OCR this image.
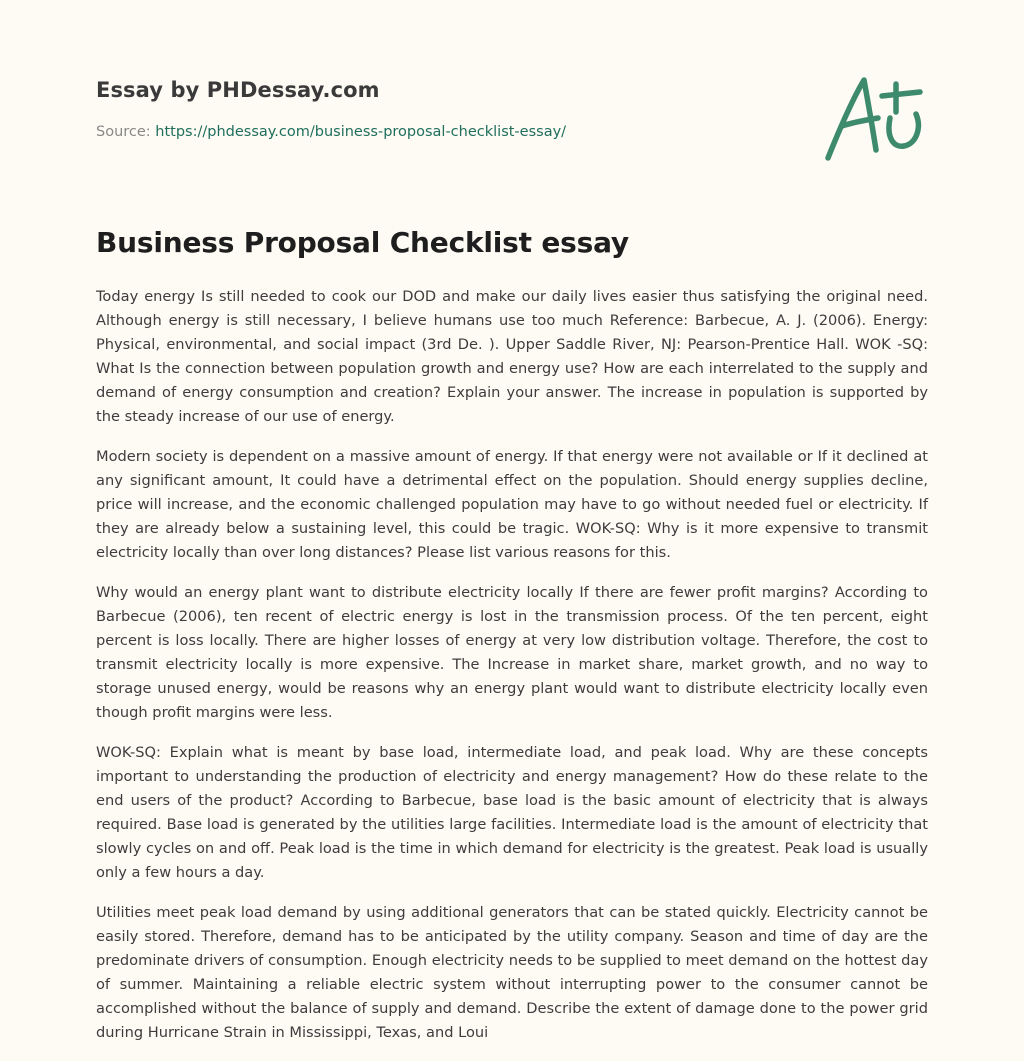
Essay by PHDessay.com

Source: https://phdessay.com/business-proposal-checklist-essay/

Business Proposal Checklist essay

Today energy Is still needed to cook our DOD and make our daily lives easier thus satisfying the original need. Although energy is still necessary, I believe humans use too much Reference: Barbecue, A. J. (2006). Energy: Physical, environmental, and social impact (3rd De. ). Upper Saddle River, NJ: Pearson-Prentice Hall. WOK -SQ: What Is the connection between population growth and energy use? How are each interrelated to the supply and demand of energy consumption and creation? Explain your answer. The increase in population is supported by the steady increase of our use of energy.

Modern society is dependent on a massive amount of energy. If that energy were not available or If it declined at any significant amount, It could have a detrimental effect on the population. Should energy supplies decline, price will increase, and the economic challenged population may have to go without needed fuel or electricity. If they are already below a sustaining level, this could be tragic. WOK-SQ: Why is it more expensive to transmit electricity locally than over long distances? Please list various reasons for this.

Why would an energy plant want to distribute electricity locally If there are fewer profit margins? According to Barbecue (2006), ten recent of electric energy is lost in the transmission process. Of the ten percent, eight percent is loss locally. There are higher losses of energy at very low distribution voltage. Therefore, the cost to transmit electricity locally is more expensive. The Increase in market share, market growth, and no way to storage unused energy, would be reasons why an energy plant would want to distribute electricity locally even though profit margins were less.

WOK-SQ: Explain what is meant by base load, intermediate load, and peak load. Why are these concepts important to understanding the production of electricity and energy management? How do these relate to the end users of the product? According to Barbecue, base load is the basic amount of electricity that is always required. Base load is generated by the utilities large facilities. Intermediate load is the amount of electricity that slowly cycles on and off. Peak load is the time in which demand for electricity is the greatest. Peak load is usually only a few hours a day.

Utilities meet peak load demand by using additional generators that can be stated quickly. Electricity cannot be easily stored. Therefore, demand has to be anticipated by the utility company. Season and time of day are the predominate drivers of consumption. Enough electricity needs to be supplied to meet demand on the hottest day of summer. Maintaining a reliable electric system without interrupting power to the consumer cannot be accomplished without the balance of supply and demand. Describe the extent of damage done to the power grid during Hurricane Strain in Mississippi, Texas, and Loui
